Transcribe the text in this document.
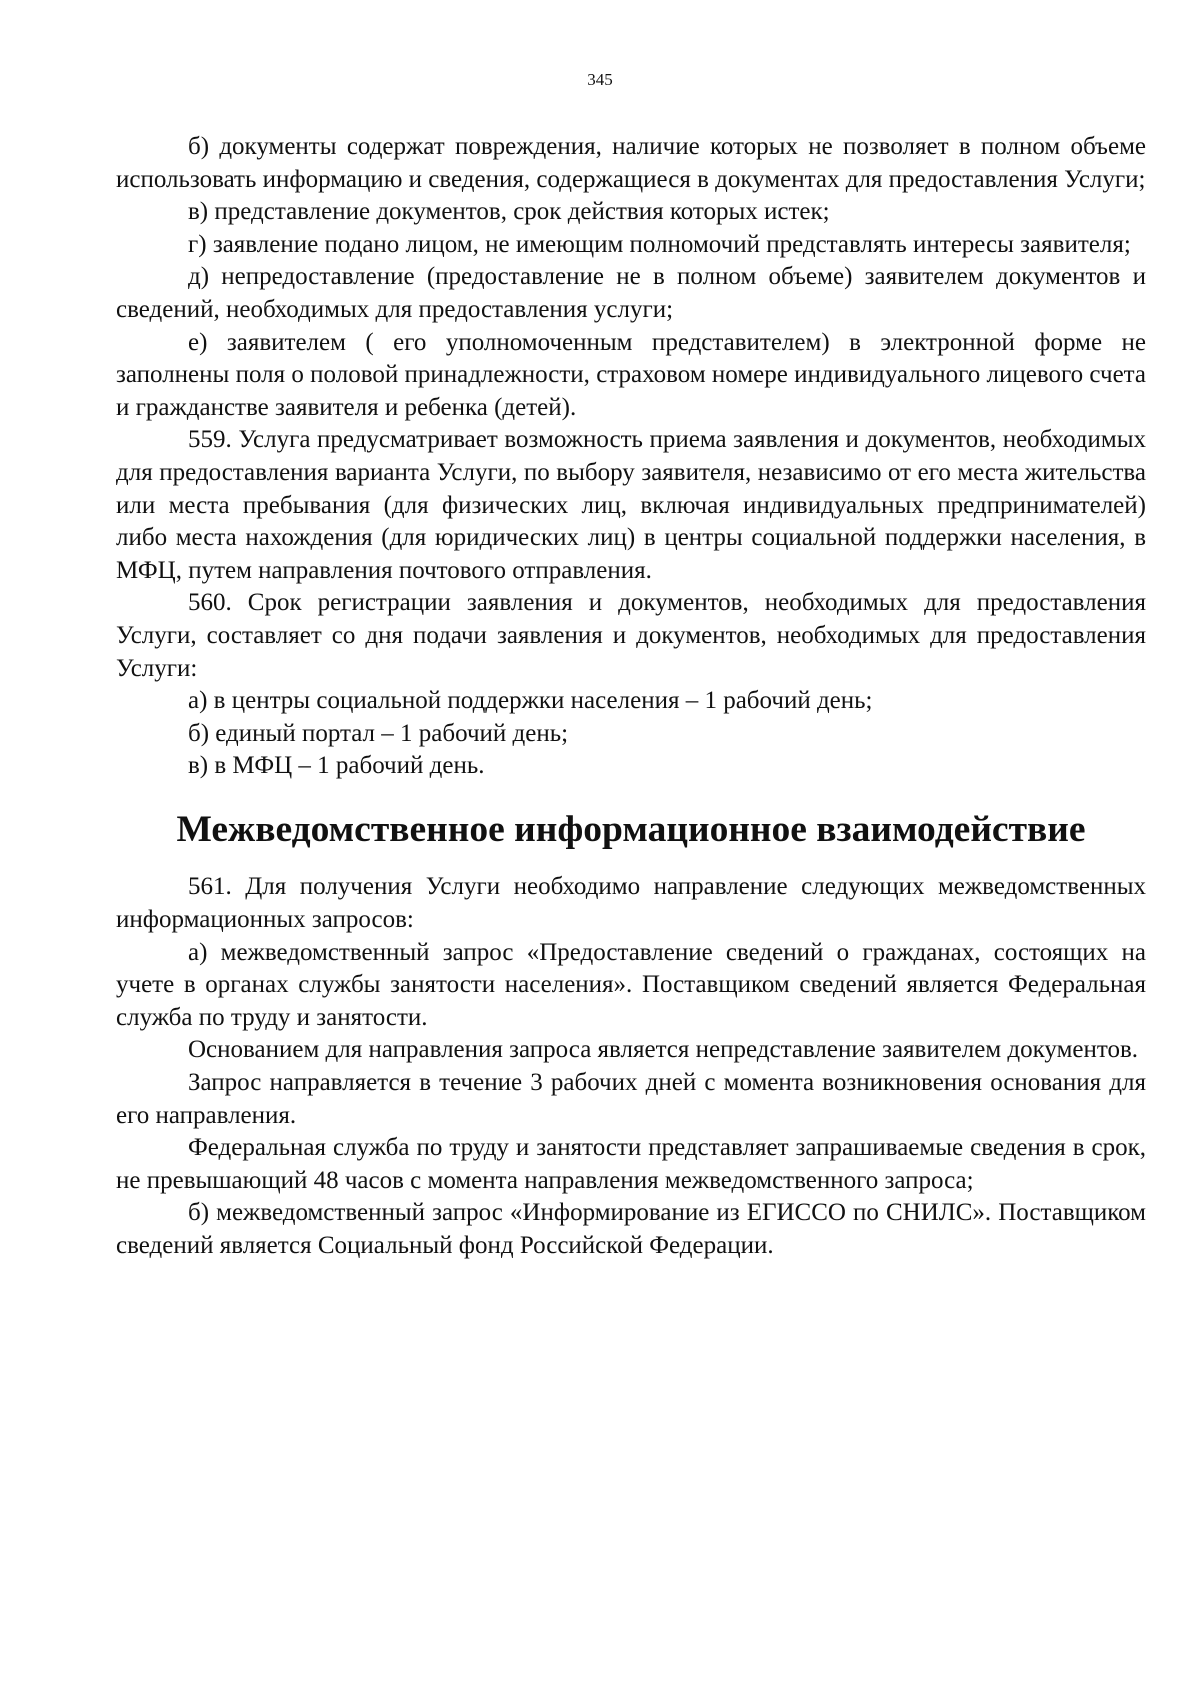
345

б) документы содержат повреждения, наличие которых не позволяет в полном объеме использовать информацию и сведения, содержащиеся в документах для предоставления Услуги;

в) представление документов, срок действия которых истек;

г) заявление подано лицом, не имеющим полномочий представлять интересы заявителя;

д) непредоставление (предоставление не в полном объеме) заявителем документов и сведений, необходимых для предоставления услуги;

е) заявителем ( его уполномоченным представителем) в электронной форме не заполнены поля о половой принадлежности, страховом номере индивидуального лицевого счета и гражданстве заявителя и ребенка (детей).

559. Услуга предусматривает возможность приема заявления и документов, необходимых для предоставления варианта Услуги, по выбору заявителя, независимо от его места жительства или места пребывания (для физических лиц, включая индивидуальных предпринимателей) либо места нахождения (для юридических лиц) в центры социальной поддержки населения, в МФЦ, путем направления почтового отправления.

560. Срок регистрации заявления и документов, необходимых для предоставления Услуги, составляет со дня подачи заявления и документов, необходимых для предоставления Услуги:

а) в центры социальной поддержки населения – 1 рабочий день;

б) единый портал – 1 рабочий день;

в) в МФЦ – 1 рабочий день.

Межведомственное информационное взаимодействие

561. Для получения Услуги необходимо направление следующих межведомственных информационных запросов:

а) межведомственный запрос «Предоставление сведений о гражданах, состоящих на учете в органах службы занятости населения». Поставщиком сведений является Федеральная служба по труду и занятости.

Основанием для направления запроса является непредставление заявителем документов.

Запрос направляется в течение 3 рабочих дней с момента возникновения основания для его направления.

Федеральная служба по труду и занятости представляет запрашиваемые сведения в срок, не превышающий 48 часов с момента направления межведомственного запроса;

б) межведомственный запрос «Информирование из ЕГИССО по СНИЛС». Поставщиком сведений является Социальный фонд Российской Федерации.
